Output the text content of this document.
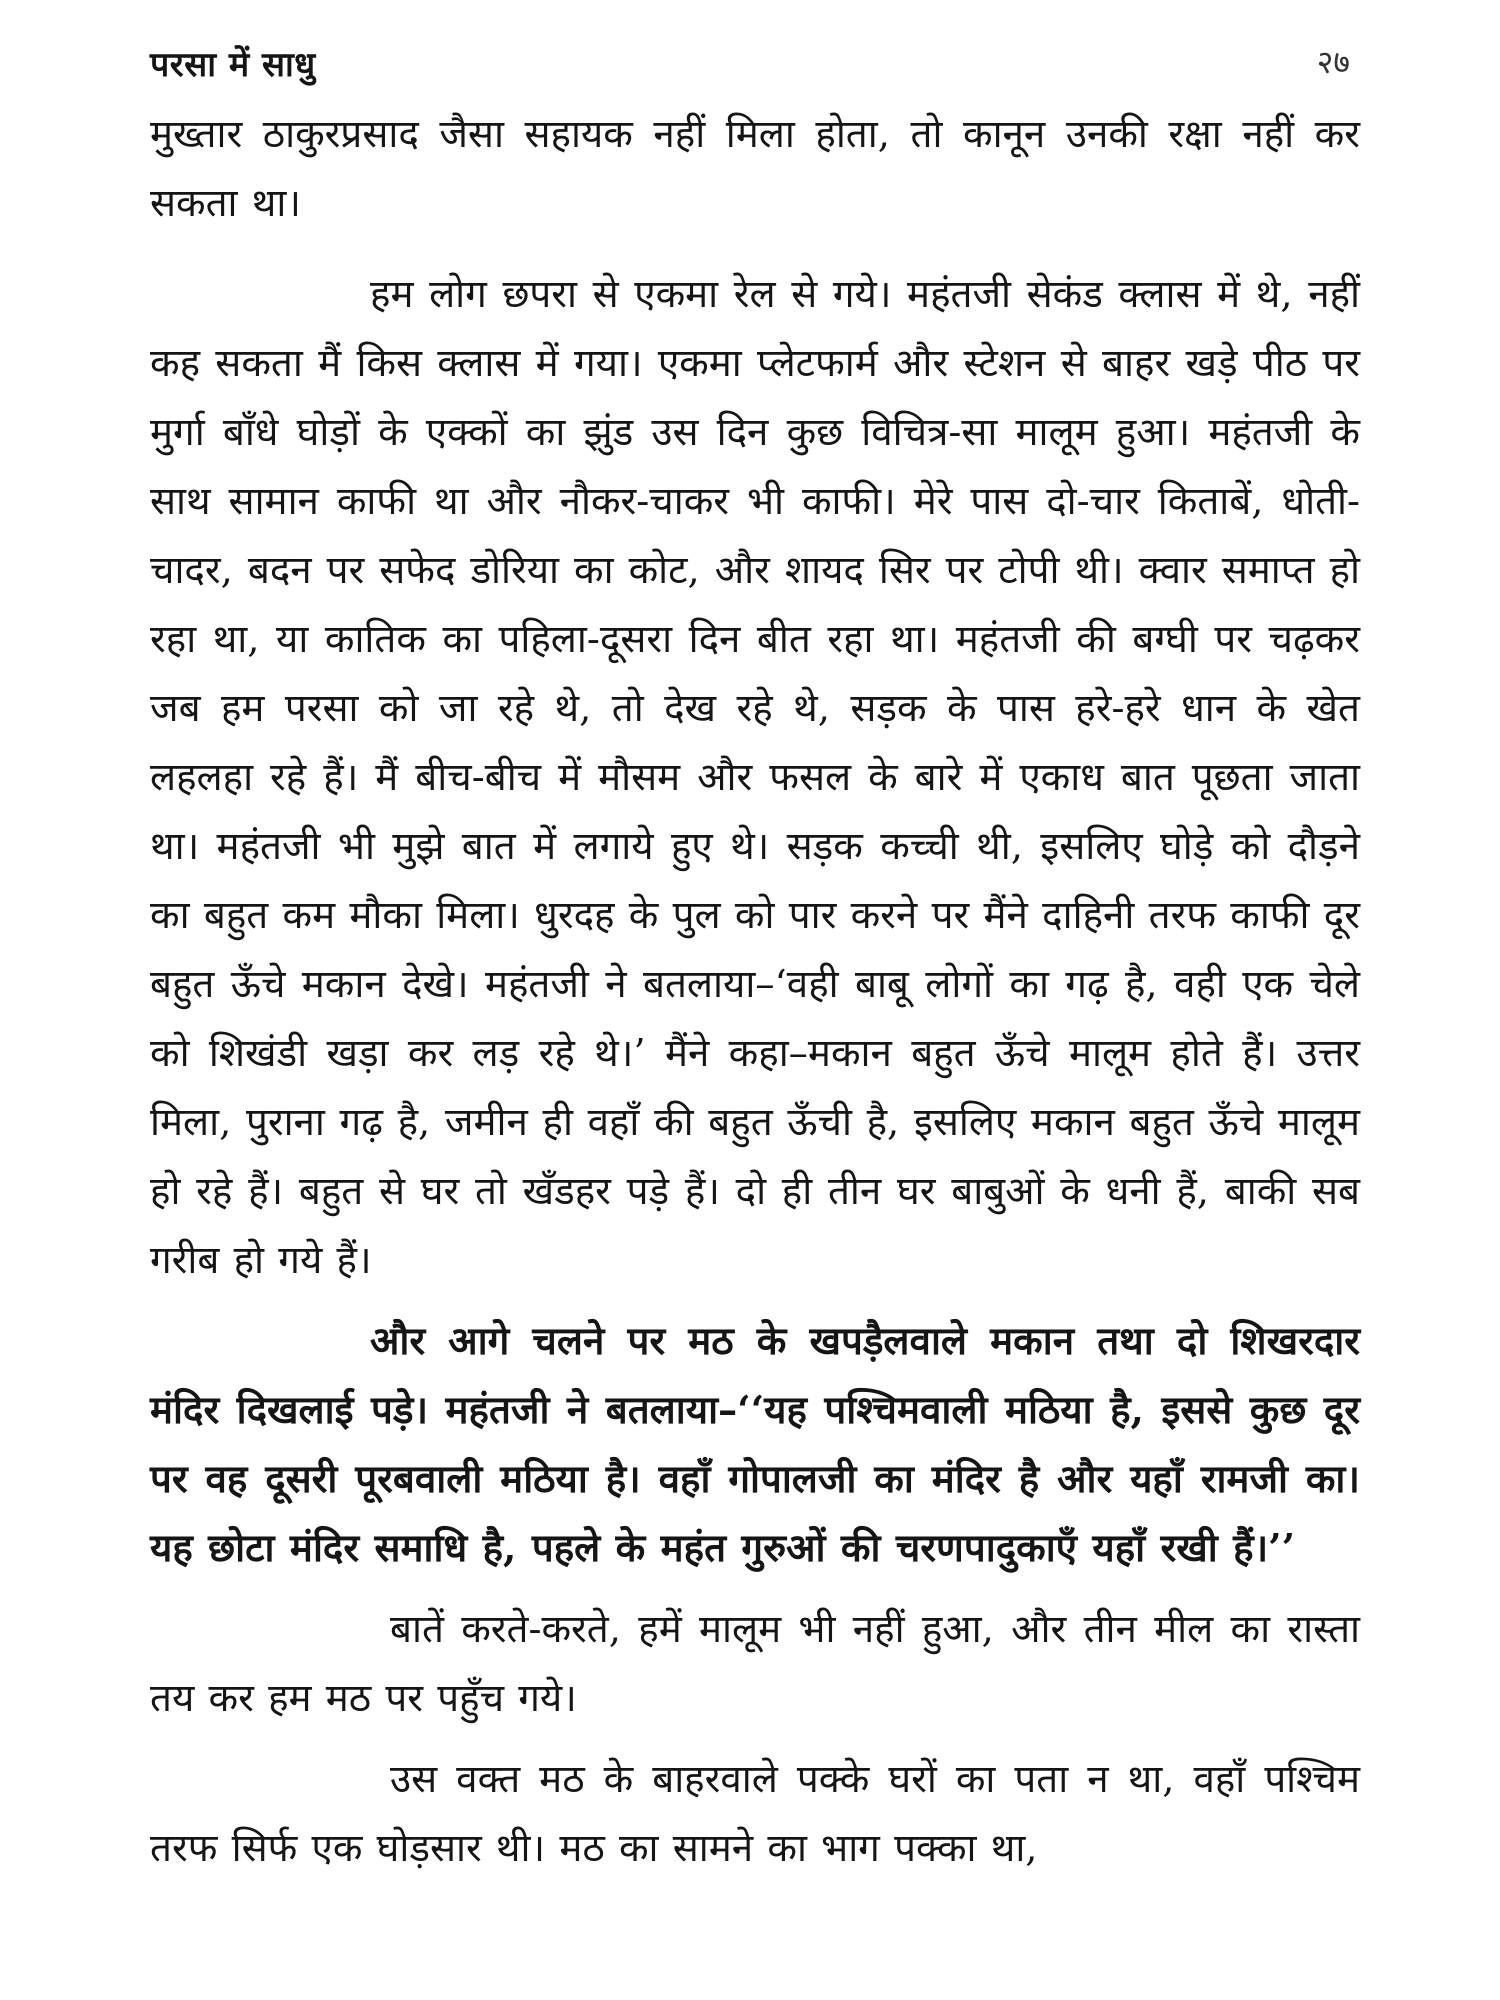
परसा में साधु	२७

मुख्तार ठाकुरप्रसाद जैसा सहायक नहीं मिला होता, तो कानून उनकी रक्षा नहीं कर सकता था।

हम लोग छपरा से एकमा रेल से गये। महंतजी सेकंड क्लास में थे, नहीं कह सकता मैं किस क्लास में गया। एकमा प्लेटफार्म और स्टेशन से बाहर खड़े पीठ पर मुर्गा बाँधे घोड़ों के एक्कों का झुंड उस दिन कुछ विचित्र-सा मालूम हुआ। महंतजी के साथ सामान काफी था और नौकर-चाकर भी काफी। मेरे पास दो-चार किताबें, धोती-चादर, बदन पर सफेद डोरिया का कोट, और शायद सिर पर टोपी थी। क्वार समाप्त हो रहा था, या कातिक का पहिला-दूसरा दिन बीत रहा था। महंतजी की बग्घी पर चढ़कर जब हम परसा को जा रहे थे, तो देख रहे थे, सड़क के पास हरे-हरे धान के खेत लहलहा रहे हैं। मैं बीच-बीच में मौसम और फसल के बारे में एकाध बात पूछता जाता था। महंतजी भी मुझे बात में लगाये हुए थे। सड़क कच्ची थी, इसलिए घोड़े को दौड़ने का बहुत कम मौका मिला। धुरदह के पुल को पार करने पर मैंने दाहिनी तरफ काफी दूर बहुत ऊँचे मकान देखे। महंतजी ने बतलाया–‘वही बाबू लोगों का गढ़ है, वही एक चेले को शिखंडी खड़ा कर लड़ रहे थे।’ मैंने कहा–मकान बहुत ऊँचे मालूम होते हैं। उत्तर मिला, पुराना गढ़ है, जमीन ही वहाँ की बहुत ऊँची है, इसलिए मकान बहुत ऊँचे मालूम हो रहे हैं। बहुत से घर तो खँडहर पड़े हैं। दो ही तीन घर बाबुओं के धनी हैं, बाकी सब गरीब हो गये हैं।

और आगे चलने पर मठ के खपड़ैलवाले मकान तथा दो शिखरदार मंदिर दिखलाई पड़े। महंतजी ने बतलाया–‘‘यह पश्चिमवाली मठिया है, इससे कुछ दूर पर वह दूसरी पूरबवाली मठिया है। वहाँ गोपालजी का मंदिर है और यहाँ रामजी का। यह छोटा मंदिर समाधि है, पहले के महंत गुरुओं की चरणपादुकाएँ यहाँ रखी हैं।’’

बातें करते-करते, हमें मालूम भी नहीं हुआ, और तीन मील का रास्ता तय कर हम मठ पर पहुँच गये।

उस वक्त मठ के बाहरवाले पक्के घरों का पता न था, वहाँ पश्चिम तरफ सिर्फ एक घोड़सार थी। मठ का सामने का भाग पक्का था,
